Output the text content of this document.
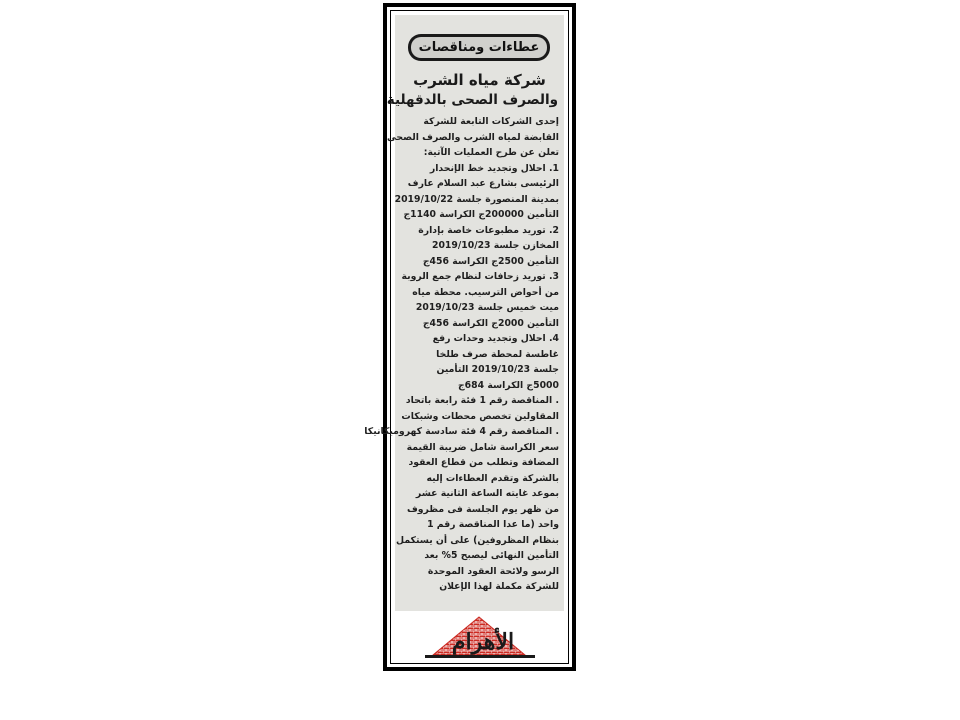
عطاءات ومناقصات
شركة مياه الشرب
والصرف الصحى بالدقهلية
إحدى الشركات التابعة للشركة
القابضة لمياه الشرب والصرف الصحى
تعلن عن طرح العمليات الآتية:
1. احلال وتجديد خط الإنحدار
الرئيسى بشارع عبد السلام عارف
بمدينة المنصورة جلسة 2019/10/22
التأمين 200000ج الكراسة 1140ج
2. توريد مطبوعات خاصة بإدارة
المخازن جلسة 2019/10/23
التأمين 2500ج الكراسة 456ج
3. توريد زحافات لنظام جمع الروبة
من أحواض الترسيب. محطة مياه
ميت خميس جلسة 2019/10/23
التأمين 2000ج الكراسة 456ج
4. احلال وتجديد وحدات رفع
غاطسة لمحطة صرف طلخا
جلسة 2019/10/23 التأمين
5000ج الكراسة 684ج
. المناقصة رقم 1 فئة رابعة باتحاد
المقاولين تخصص محطات وشبكات
. المناقصة رقم 4 فئة سادسة كهروميكانيكا
سعر الكراسة شامل ضريبة القيمة
المضافة وتطلب من قطاع العقود
بالشركة وتقدم العطاءات إليه
بموعد غايته الساعة الثانية عشر
من ظهر يوم الجلسة فى مظروف
واحد (ما عدا المناقصة رقم 1
بنظام المظروفين) على أن يستكمل
التأمين النهائى ليصبح 5% بعد
الرسو ولائحة العقود الموحدة
للشركة مكملة لهذا الإعلان
الأهرام
